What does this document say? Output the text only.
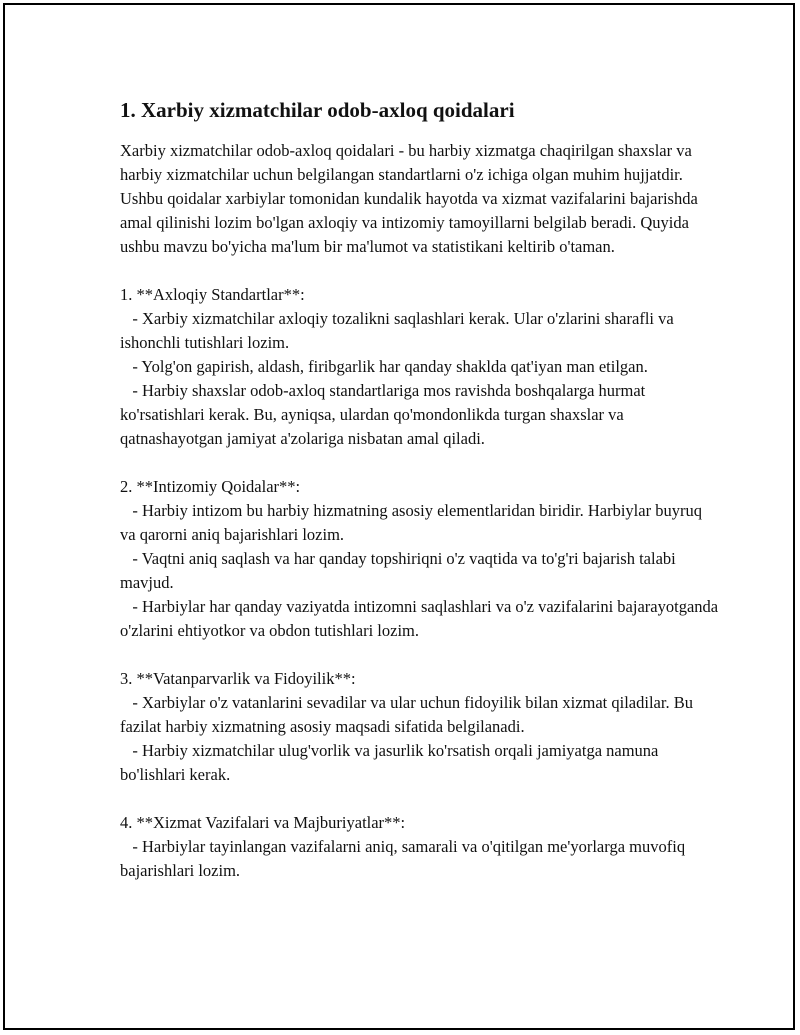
1. Xarbiy xizmatchilar odob-axloq qoidalari

Xarbiy xizmatchilar odob-axloq qoidalari - bu harbiy xizmatga chaqirilgan shaxslar va harbiy xizmatchilar uchun belgilangan standartlarni o'z ichiga olgan muhim hujjatdir. Ushbu qoidalar xarbiylar tomonidan kundalik hayotda va xizmat vazifalarini bajarishda amal qilinishi lozim bo'lgan axloqiy va intizomiy tamoyillarni belgilab beradi. Quyida ushbu mavzu bo'yicha ma'lum bir ma'lumot va statistikani keltirib o'taman.

1. **Axloqiy Standartlar**:

- Xarbiy xizmatchilar axloqiy tozalikni saqlashlari kerak. Ular o'zlarini sharafli va ishonchli tutishlari lozim.

- Yolg'on gapirish, aldash, firibgarlik har qanday shaklda qat'iyan man etilgan.

- Harbiy shaxslar odob-axloq standartlariga mos ravishda boshqalarga hurmat ko'rsatishlari kerak. Bu, ayniqsa, ulardan qo'mondonlikda turgan shaxslar va qatnashayotgan jamiyat a'zolariga nisbatan amal qiladi.

2. **Intizomiy Qoidalar**:

- Harbiy intizom bu harbiy hizmatning asosiy elementlaridan biridir. Harbiylar buyruq va qarorni aniq bajarishlari lozim.

- Vaqtni aniq saqlash va har qanday topshiriqni o'z vaqtida va to'g'ri bajarish talabi mavjud.

- Harbiylar har qanday vaziyatda intizomni saqlashlari va o'z vazifalarini bajarayotganda o'zlarini ehtiyotkor va obdon tutishlari lozim.

3. **Vatanparvarlik va Fidoyilik**:

- Xarbiylar o'z vatanlarini sevadilar va ular uchun fidoyilik bilan xizmat qiladilar. Bu fazilat harbiy xizmatning asosiy maqsadi sifatida belgilanadi.

- Harbiy xizmatchilar ulug'vorlik va jasurlik ko'rsatish orqali jamiyatga namuna bo'lishlari kerak.

4. **Xizmat Vazifalari va Majburiyatlar**:

- Harbiylar tayinlangan vazifalarni aniq, samarali va o'qitilgan me'yorlarga muvofiq bajarishlari lozim.
